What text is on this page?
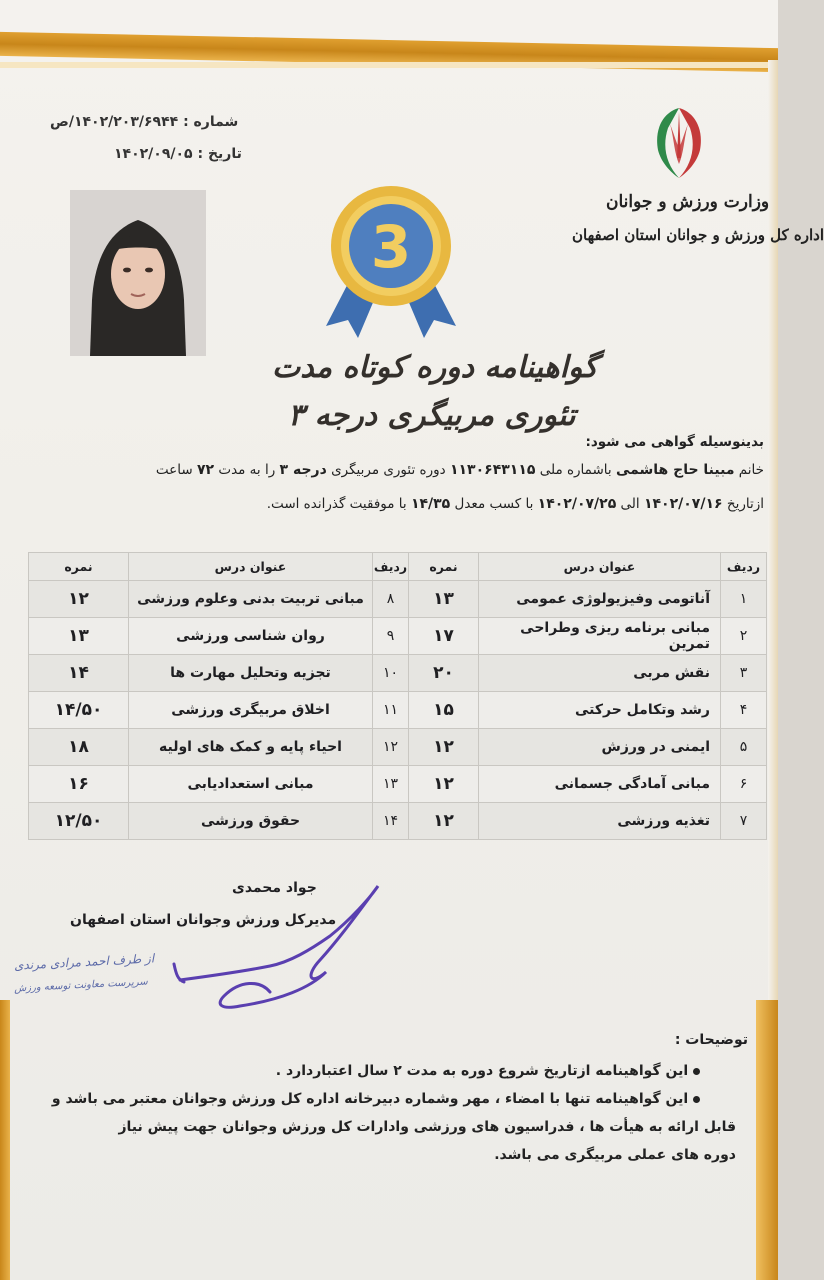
شماره : ۱۴۰۲/۲۰۳/۶۹۴۴/ص
تاریخ : ۱۴۰۲/۰۹/۰۵
وزارت ورزش و جوانان
اداره کل ورزش و جوانان استان اصفهان
3
گواهینامه دوره کوتاه مدت
تئوری مربیگری درجه ۳
بدینوسیله گواهی می شود:
خانم مبینا حاج هاشمی باشماره ملی ۱۱۳۰۶۴۳۱۱۵ دوره تئوری مربیگری درجه ۳ را به مدت ۷۲ ساعت
ازتاریخ ۱۴۰۲/۰۷/۱۶ الی ۱۴۰۲/۰۷/۲۵ با کسب معدل ۱۴/۳۵ با موفقیت گذرانده است.
ردیف	عنوان درس	نمره	ردیف	عنوان درس	نمره
۱	آناتومی وفیزیولوژی عمومی	۱۳	۸	مبانی تربیت بدنی وعلوم ورزشی	۱۲
۲	مبانی برنامه ریزی وطراحی تمرین	۱۷	۹	روان شناسی ورزشی	۱۳
۳	نقش مربی	۲۰	۱۰	تجزیه وتحلیل مهارت ها	۱۴
۴	رشد وتکامل حرکتی	۱۵	۱۱	اخلاق مربیگری ورزشی	۱۴/۵۰
۵	ایمنی در ورزش	۱۲	۱۲	احیاء پایه و کمک های اولیه	۱۸
۶	مبانی آمادگی جسمانی	۱۲	۱۳	مبانی استعدادیابی	۱۶
۷	تغذیه ورزشی	۱۲	۱۴	حقوق ورزشی	۱۲/۵۰
جواد محمدی
مدیرکل ورزش وجوانان استان اصفهان
از طرف احمد مرادی مرندی
سرپرست معاونت توسعه ورزش
توضیحات :
این گواهینامه ازتاریخ شروع دوره به مدت ۲ سال اعتباردارد .
این گواهینامه تنها با امضاء ، مهر وشماره دبیرخانه اداره کل ورزش وجوانان معتبر می باشد و
قابل ارائه به هیأت ها ، فدراسیون های ورزشی وادارات کل ورزش وجوانان جهت پیش نیاز
دوره های عملی مربیگری می باشد.
